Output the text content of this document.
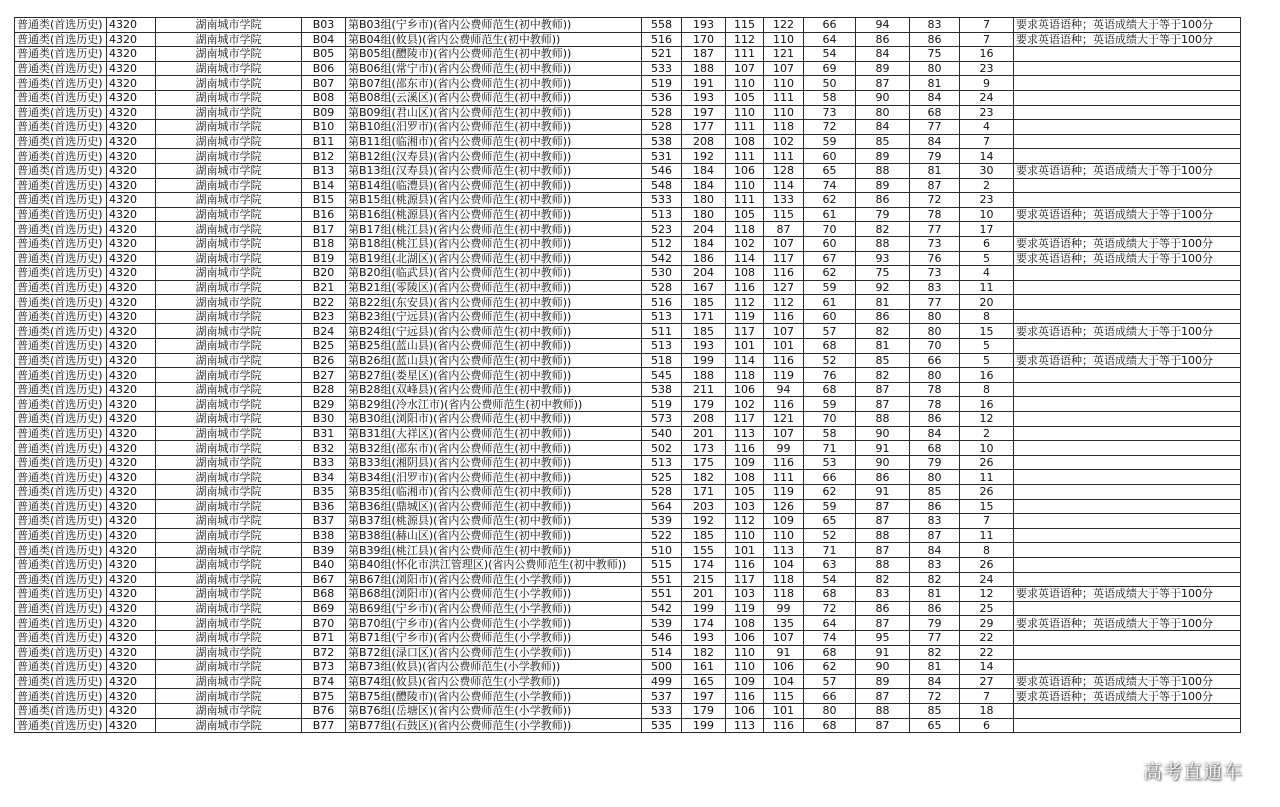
普通类(首选历史)	4320	湖南城市学院	B03	第B03组(宁乡市)(省内公费师范生(初中教师))	558	193	115	122	66	94	83	7	要求英语语种；英语成绩大于等于100分
普通类(首选历史)	4320	湖南城市学院	B04	第B04组(攸县)(省内公费师范生(初中教师))	516	170	112	110	64	86	86	7	要求英语语种；英语成绩大于等于100分
普通类(首选历史)	4320	湖南城市学院	B05	第B05组(醴陵市)(省内公费师范生(初中教师))	521	187	111	121	54	84	75	16	
普通类(首选历史)	4320	湖南城市学院	B06	第B06组(常宁市)(省内公费师范生(初中教师))	533	188	107	107	69	89	80	23	
普通类(首选历史)	4320	湖南城市学院	B07	第B07组(邵东市)(省内公费师范生(初中教师))	519	191	110	110	50	87	81	9	
普通类(首选历史)	4320	湖南城市学院	B08	第B08组(云溪区)(省内公费师范生(初中教师))	536	193	105	111	58	90	84	24	
普通类(首选历史)	4320	湖南城市学院	B09	第B09组(君山区)(省内公费师范生(初中教师))	528	197	110	110	73	80	68	23	
普通类(首选历史)	4320	湖南城市学院	B10	第B10组(汨罗市)(省内公费师范生(初中教师))	528	177	111	118	72	84	77	4	
普通类(首选历史)	4320	湖南城市学院	B11	第B11组(临湘市)(省内公费师范生(初中教师))	538	208	108	102	59	85	84	7	
普通类(首选历史)	4320	湖南城市学院	B12	第B12组(汉寿县)(省内公费师范生(初中教师))	531	192	111	111	60	89	79	14	
普通类(首选历史)	4320	湖南城市学院	B13	第B13组(汉寿县)(省内公费师范生(初中教师))	546	184	106	128	65	88	81	30	要求英语语种；英语成绩大于等于100分
普通类(首选历史)	4320	湖南城市学院	B14	第B14组(临澧县)(省内公费师范生(初中教师))	548	184	110	114	74	89	87	2	
普通类(首选历史)	4320	湖南城市学院	B15	第B15组(桃源县)(省内公费师范生(初中教师))	533	180	111	133	62	86	72	23	
普通类(首选历史)	4320	湖南城市学院	B16	第B16组(桃源县)(省内公费师范生(初中教师))	513	180	105	115	61	79	78	10	要求英语语种；英语成绩大于等于100分
普通类(首选历史)	4320	湖南城市学院	B17	第B17组(桃江县)(省内公费师范生(初中教师))	523	204	118	87	70	82	77	17	
普通类(首选历史)	4320	湖南城市学院	B18	第B18组(桃江县)(省内公费师范生(初中教师))	512	184	102	107	60	88	73	6	要求英语语种；英语成绩大于等于100分
普通类(首选历史)	4320	湖南城市学院	B19	第B19组(北湖区)(省内公费师范生(初中教师))	542	186	114	117	67	93	76	5	要求英语语种；英语成绩大于等于100分
普通类(首选历史)	4320	湖南城市学院	B20	第B20组(临武县)(省内公费师范生(初中教师))	530	204	108	116	62	75	73	4	
普通类(首选历史)	4320	湖南城市学院	B21	第B21组(零陵区)(省内公费师范生(初中教师))	528	167	116	127	59	92	83	11	
普通类(首选历史)	4320	湖南城市学院	B22	第B22组(东安县)(省内公费师范生(初中教师))	516	185	112	112	61	81	77	20	
普通类(首选历史)	4320	湖南城市学院	B23	第B23组(宁远县)(省内公费师范生(初中教师))	513	171	119	116	60	86	80	8	
普通类(首选历史)	4320	湖南城市学院	B24	第B24组(宁远县)(省内公费师范生(初中教师))	511	185	117	107	57	82	80	15	要求英语语种；英语成绩大于等于100分
普通类(首选历史)	4320	湖南城市学院	B25	第B25组(蓝山县)(省内公费师范生(初中教师))	513	193	101	101	68	81	70	5	
普通类(首选历史)	4320	湖南城市学院	B26	第B26组(蓝山县)(省内公费师范生(初中教师))	518	199	114	116	52	85	66	5	要求英语语种；英语成绩大于等于100分
普通类(首选历史)	4320	湖南城市学院	B27	第B27组(娄星区)(省内公费师范生(初中教师))	545	188	118	119	76	82	80	16	
普通类(首选历史)	4320	湖南城市学院	B28	第B28组(双峰县)(省内公费师范生(初中教师))	538	211	106	94	68	87	78	8	
普通类(首选历史)	4320	湖南城市学院	B29	第B29组(冷水江市)(省内公费师范生(初中教师))	519	179	102	116	59	87	78	16	
普通类(首选历史)	4320	湖南城市学院	B30	第B30组(浏阳市)(省内公费师范生(初中教师))	573	208	117	121	70	88	86	12	
普通类(首选历史)	4320	湖南城市学院	B31	第B31组(大祥区)(省内公费师范生(初中教师))	540	201	113	107	58	90	84	2	
普通类(首选历史)	4320	湖南城市学院	B32	第B32组(邵东市)(省内公费师范生(初中教师))	502	173	116	99	71	91	68	10	
普通类(首选历史)	4320	湖南城市学院	B33	第B33组(湘阴县)(省内公费师范生(初中教师))	513	175	109	116	53	90	79	26	
普通类(首选历史)	4320	湖南城市学院	B34	第B34组(汨罗市)(省内公费师范生(初中教师))	525	182	108	111	66	86	80	11	
普通类(首选历史)	4320	湖南城市学院	B35	第B35组(临湘市)(省内公费师范生(初中教师))	528	171	105	119	62	91	85	26	
普通类(首选历史)	4320	湖南城市学院	B36	第B36组(鼎城区)(省内公费师范生(初中教师))	564	203	103	126	59	87	86	15	
普通类(首选历史)	4320	湖南城市学院	B37	第B37组(桃源县)(省内公费师范生(初中教师))	539	192	112	109	65	87	83	7	
普通类(首选历史)	4320	湖南城市学院	B38	第B38组(赫山区)(省内公费师范生(初中教师))	522	185	110	110	52	88	87	11	
普通类(首选历史)	4320	湖南城市学院	B39	第B39组(桃江县)(省内公费师范生(初中教师))	510	155	101	113	71	87	84	8	
普通类(首选历史)	4320	湖南城市学院	B40	第B40组(怀化市洪江管理区)(省内公费师范生(初中教师))	515	174	116	104	63	88	83	26	
普通类(首选历史)	4320	湖南城市学院	B67	第B67组(浏阳市)(省内公费师范生(小学教师))	551	215	117	118	54	82	82	24	
普通类(首选历史)	4320	湖南城市学院	B68	第B68组(浏阳市)(省内公费师范生(小学教师))	551	201	103	118	68	83	81	12	要求英语语种；英语成绩大于等于100分
普通类(首选历史)	4320	湖南城市学院	B69	第B69组(宁乡市)(省内公费师范生(小学教师))	542	199	119	99	72	86	86	25	
普通类(首选历史)	4320	湖南城市学院	B70	第B70组(宁乡市)(省内公费师范生(小学教师))	539	174	108	135	64	87	79	29	要求英语语种；英语成绩大于等于100分
普通类(首选历史)	4320	湖南城市学院	B71	第B71组(宁乡市)(省内公费师范生(小学教师))	546	193	106	107	74	95	77	22	
普通类(首选历史)	4320	湖南城市学院	B72	第B72组(渌口区)(省内公费师范生(小学教师))	514	182	110	91	68	91	82	22	
普通类(首选历史)	4320	湖南城市学院	B73	第B73组(攸县)(省内公费师范生(小学教师))	500	161	110	106	62	90	81	14	
普通类(首选历史)	4320	湖南城市学院	B74	第B74组(攸县)(省内公费师范生(小学教师))	499	165	109	104	57	89	84	27	要求英语语种；英语成绩大于等于100分
普通类(首选历史)	4320	湖南城市学院	B75	第B75组(醴陵市)(省内公费师范生(小学教师))	537	197	116	115	66	87	72	7	要求英语语种；英语成绩大于等于100分
普通类(首选历史)	4320	湖南城市学院	B76	第B76组(岳塘区)(省内公费师范生(小学教师))	533	179	106	101	80	88	85	18	
普通类(首选历史)	4320	湖南城市学院	B77	第B77组(石鼓区)(省内公费师范生(小学教师))	535	199	113	116	68	87	65	6	
高考直通车
